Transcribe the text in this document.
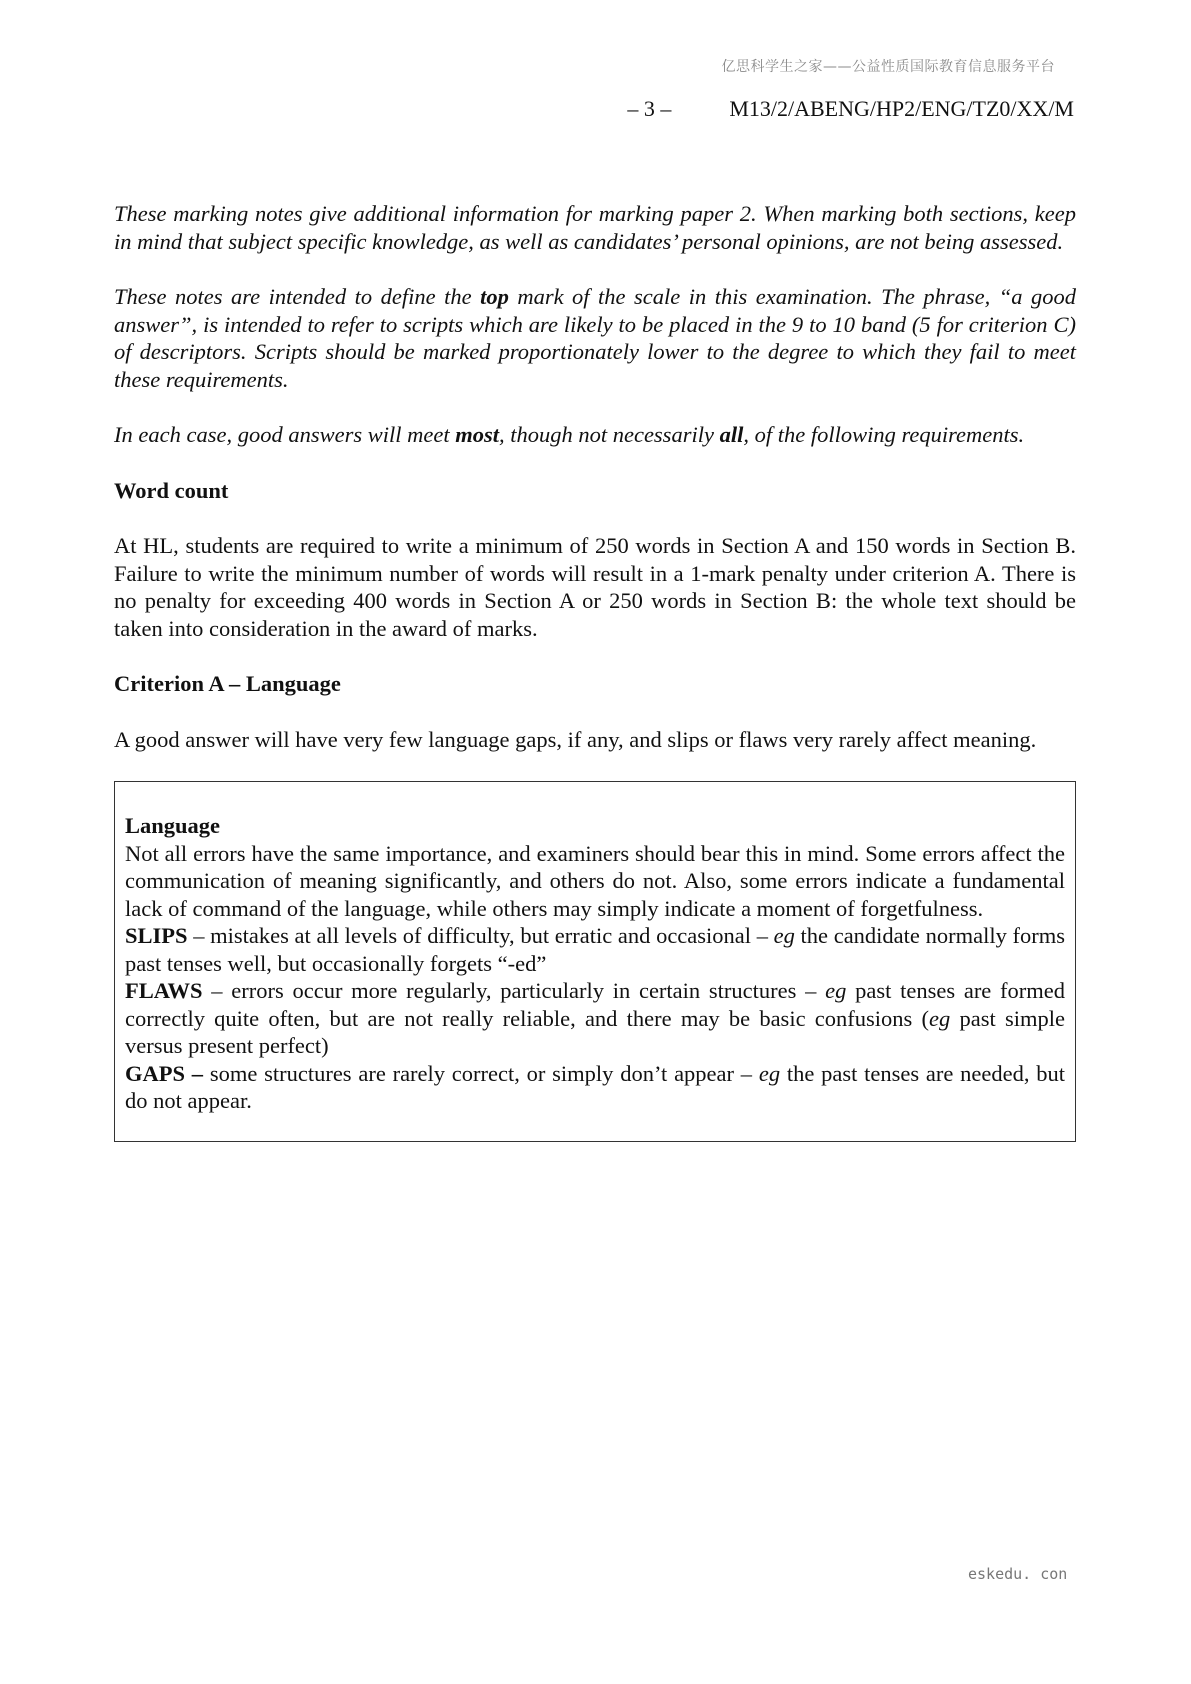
亿思科学生之家——公益性质国际教育信息服务平台
– 3 –	M13/2/ABENG/HP2/ENG/TZ0/XX/M

These marking notes give additional information for marking paper 2. When marking both sections, keep in mind that subject specific knowledge, as well as candidates’ personal opinions, are not being assessed.

These notes are intended to define the top mark of the scale in this examination. The phrase, “a good answer”, is intended to refer to scripts which are likely to be placed in the 9 to 10 band (5 for criterion C) of descriptors. Scripts should be marked proportionately lower to the degree to which they fail to meet these requirements.

In each case, good answers will meet most, though not necessarily all, of the following requirements.

Word count

At HL, students are required to write a minimum of 250 words in Section A and 150 words in Section B. Failure to write the minimum number of words will result in a 1-mark penalty under criterion A. There is no penalty for exceeding 400 words in Section A or 250 words in Section B: the whole text should be taken into consideration in the award of marks.

Criterion A – Language

A good answer will have very few language gaps, if any, and slips or flaws very rarely affect meaning.

Language

Not all errors have the same importance, and examiners should bear this in mind. Some errors affect the communication of meaning significantly, and others do not. Also, some errors indicate a fundamental lack of command of the language, while others may simply indicate a moment of forgetfulness.

SLIPS – mistakes at all levels of difficulty, but erratic and occasional – eg the candidate normally forms past tenses well, but occasionally forgets “-ed”

FLAWS – errors occur more regularly, particularly in certain structures – eg past tenses are formed correctly quite often, but are not really reliable, and there may be basic confusions (eg past simple versus present perfect)

GAPS – some structures are rarely correct, or simply don’t appear – eg the past tenses are needed, but do not appear.

eskedu. con
